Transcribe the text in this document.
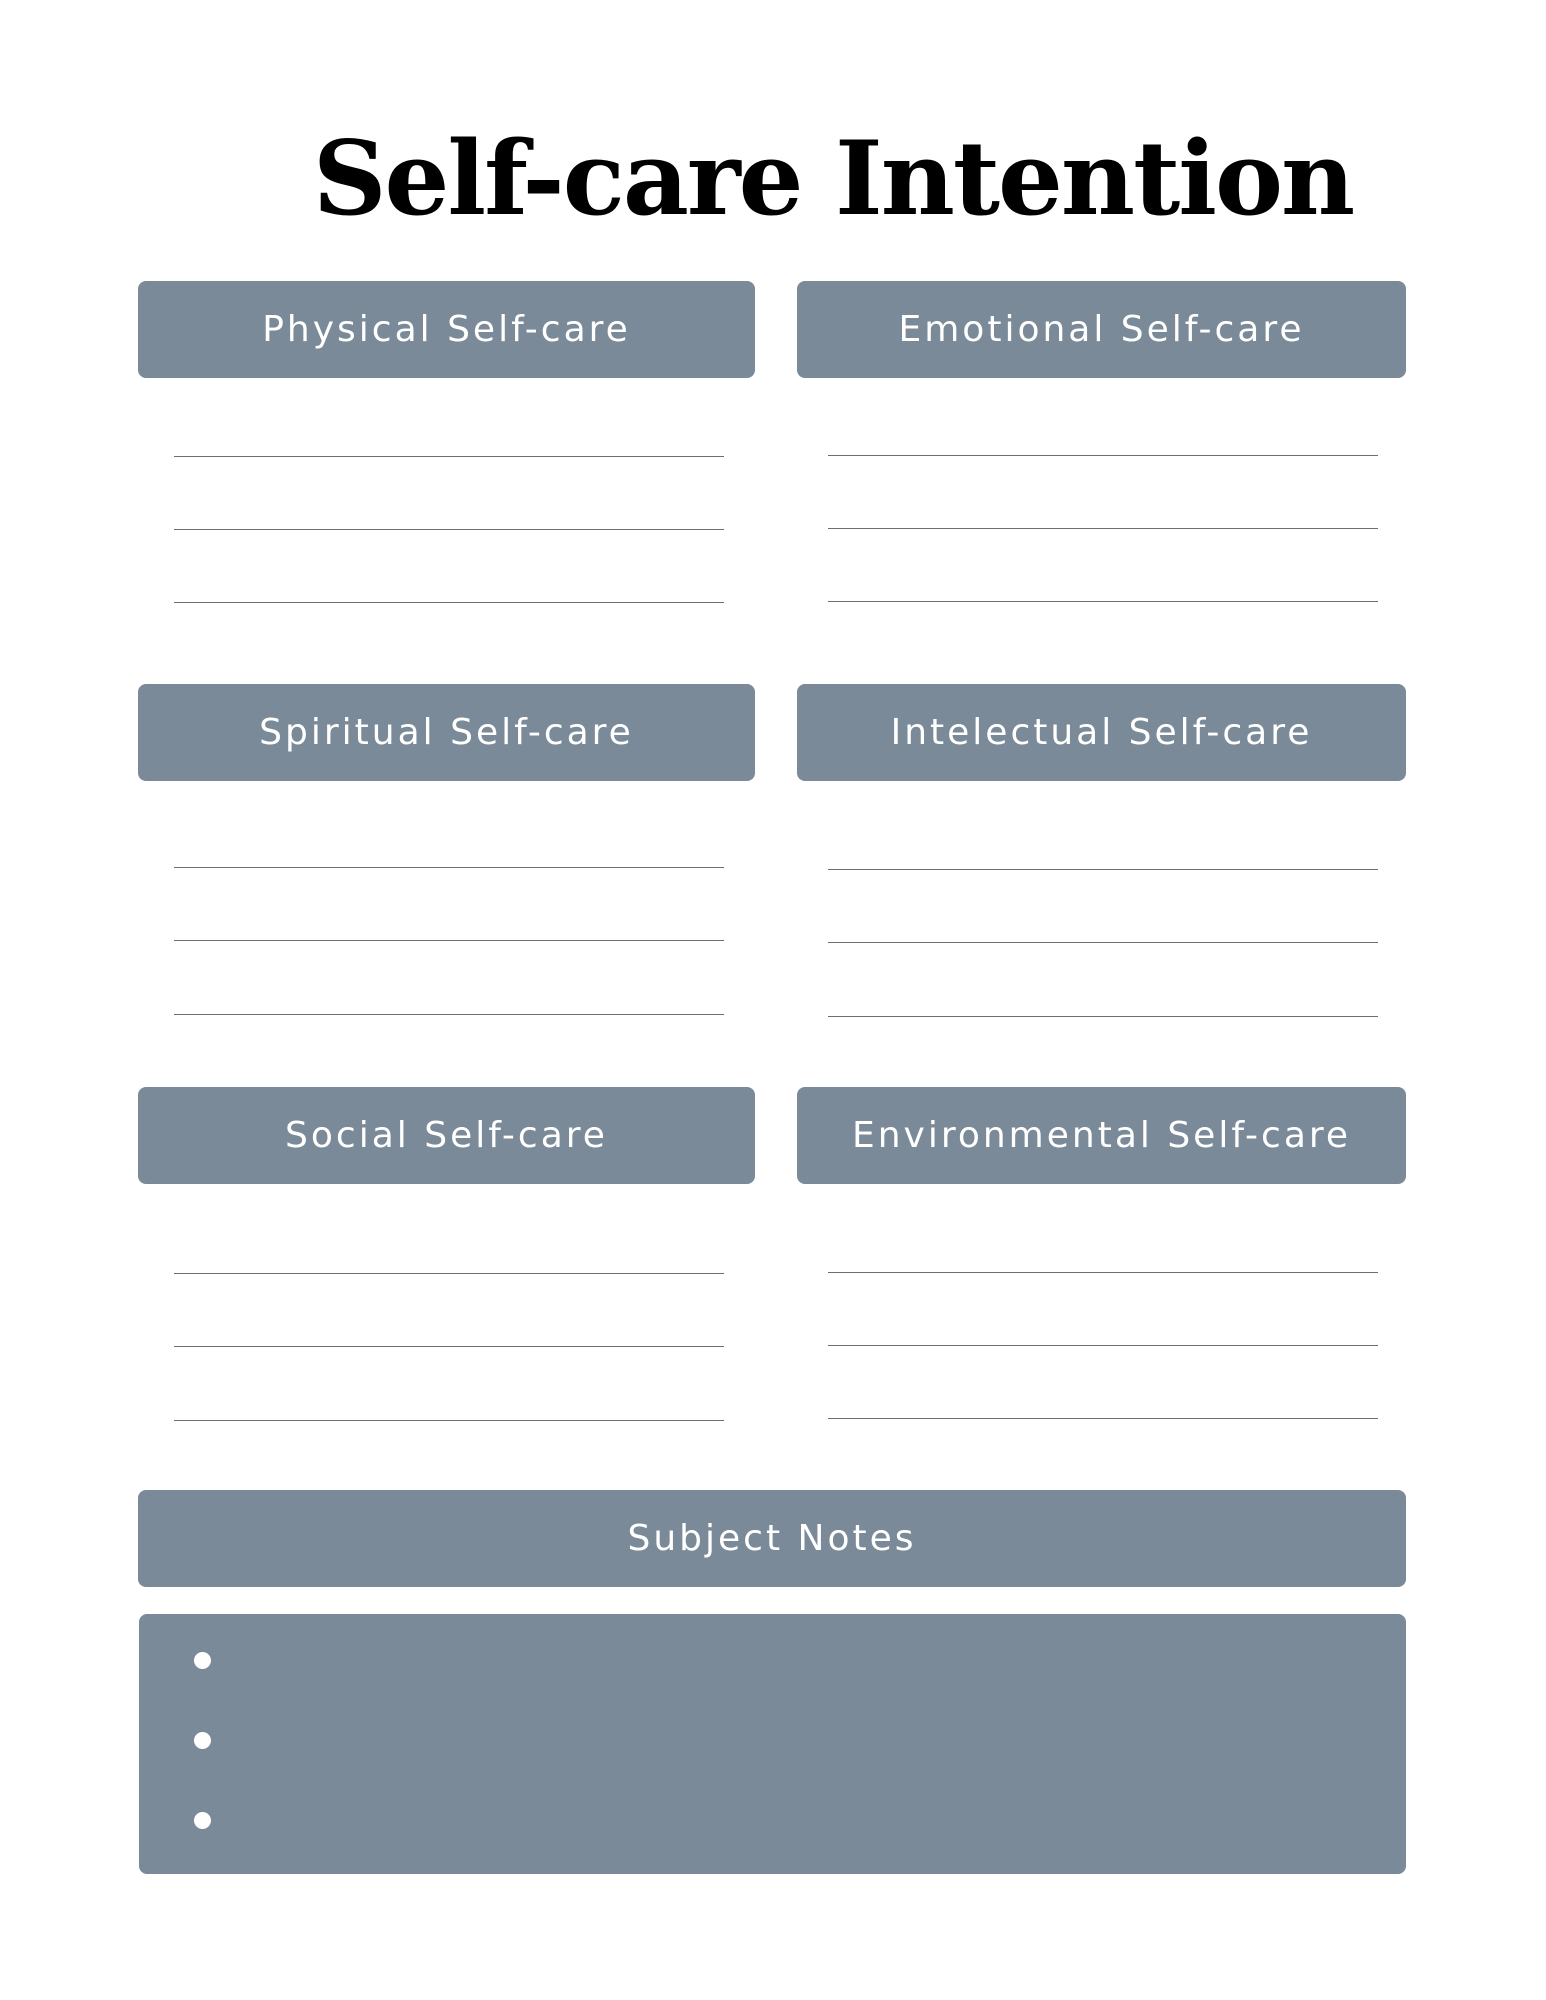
Self-care Intention
Physical Self-care	Emotional Self-care
Spiritual Self-care	Intelectual Self-care
Social Self-care	Environmental Self-care
Subject Notes
